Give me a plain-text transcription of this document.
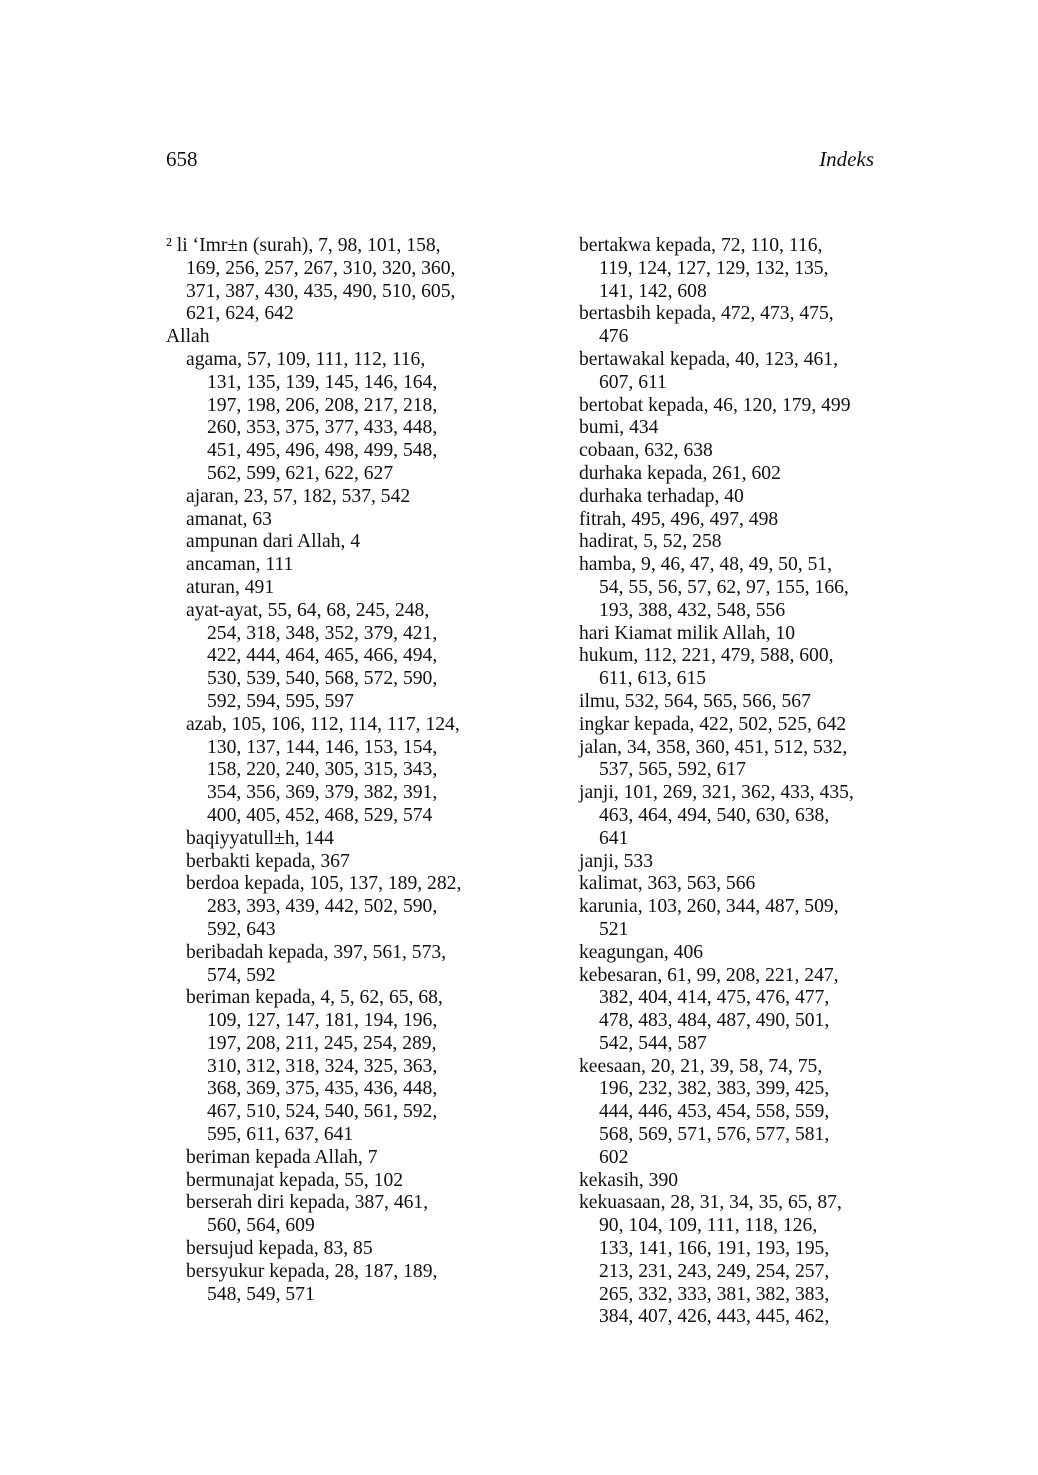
658	Indeks
² li ‘Imr±n (surah), 7, 98, 101, 158,
169, 256, 257, 267, 310, 320, 360,
371, 387, 430, 435, 490, 510, 605,
621, 624, 642
Allah
agama, 57, 109, 111, 112, 116,
131, 135, 139, 145, 146, 164,
197, 198, 206, 208, 217, 218,
260, 353, 375, 377, 433, 448,
451, 495, 496, 498, 499, 548,
562, 599, 621, 622, 627
ajaran, 23, 57, 182, 537, 542
amanat, 63
ampunan dari Allah, 4
ancaman, 111
aturan, 491
ayat-ayat, 55, 64, 68, 245, 248,
254, 318, 348, 352, 379, 421,
422, 444, 464, 465, 466, 494,
530, 539, 540, 568, 572, 590,
592, 594, 595, 597
azab, 105, 106, 112, 114, 117, 124,
130, 137, 144, 146, 153, 154,
158, 220, 240, 305, 315, 343,
354, 356, 369, 379, 382, 391,
400, 405, 452, 468, 529, 574
baqiyyatull±h, 144
berbakti kepada, 367
berdoa kepada, 105, 137, 189, 282,
283, 393, 439, 442, 502, 590,
592, 643
beribadah kepada, 397, 561, 573,
574, 592
beriman kepada, 4, 5, 62, 65, 68,
109, 127, 147, 181, 194, 196,
197, 208, 211, 245, 254, 289,
310, 312, 318, 324, 325, 363,
368, 369, 375, 435, 436, 448,
467, 510, 524, 540, 561, 592,
595, 611, 637, 641
beriman kepada Allah, 7
bermunajat kepada, 55, 102
berserah diri kepada, 387, 461,
560, 564, 609
bersujud kepada, 83, 85
bersyukur kepada, 28, 187, 189,
548, 549, 571
bertakwa kepada, 72, 110, 116,
119, 124, 127, 129, 132, 135,
141, 142, 608
bertasbih kepada, 472, 473, 475,
476
bertawakal kepada, 40, 123, 461,
607, 611
bertobat kepada, 46, 120, 179, 499
bumi, 434
cobaan, 632, 638
durhaka kepada, 261, 602
durhaka terhadap, 40
fitrah, 495, 496, 497, 498
hadirat, 5, 52, 258
hamba, 9, 46, 47, 48, 49, 50, 51,
54, 55, 56, 57, 62, 97, 155, 166,
193, 388, 432, 548, 556
hari Kiamat milik Allah, 10
hukum, 112, 221, 479, 588, 600,
611, 613, 615
ilmu, 532, 564, 565, 566, 567
ingkar kepada, 422, 502, 525, 642
jalan, 34, 358, 360, 451, 512, 532,
537, 565, 592, 617
janji, 101, 269, 321, 362, 433, 435,
463, 464, 494, 540, 630, 638,
641
janji, 533
kalimat, 363, 563, 566
karunia, 103, 260, 344, 487, 509,
521
keagungan, 406
kebesaran, 61, 99, 208, 221, 247,
382, 404, 414, 475, 476, 477,
478, 483, 484, 487, 490, 501,
542, 544, 587
keesaan, 20, 21, 39, 58, 74, 75,
196, 232, 382, 383, 399, 425,
444, 446, 453, 454, 558, 559,
568, 569, 571, 576, 577, 581,
602
kekasih, 390
kekuasaan, 28, 31, 34, 35, 65, 87,
90, 104, 109, 111, 118, 126,
133, 141, 166, 191, 193, 195,
213, 231, 243, 249, 254, 257,
265, 332, 333, 381, 382, 383,
384, 407, 426, 443, 445, 462,
